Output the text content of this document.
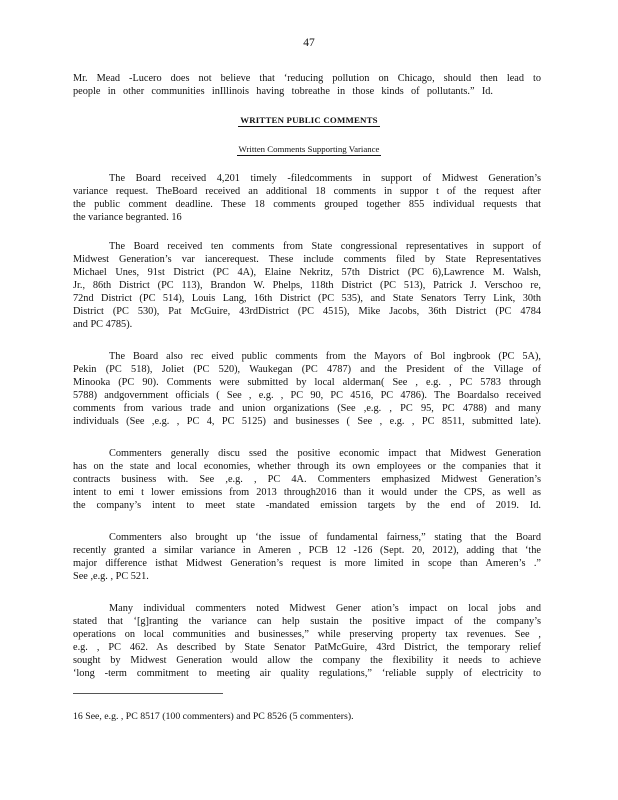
47
Mr. Mead -Lucero does not believe that ‘reducing pollution on Chicago, should then lead to
people in other communities inIllinois having tobreathe in those kinds of pollutants.” Id.
WRITTEN PUBLIC COMMENTS
Written Comments Supporting Variance
The Board received 4,201 timely -filedcomments in support of Midwest Generation’s
variance request. TheBoard received an additional 18 comments in suppor t of the request after
the public comment deadline. These 18 comments grouped together 855 individual requests that
the variance begranted. 16
The Board received ten comments from State congressional representatives in support of
Midwest Generation’s var iancerequest. These include comments filed by State Representatives
Michael Unes, 91st District (PC 4A), Elaine Nekritz, 57th District (PC 6),Lawrence M. Walsh,
Jr., 86th District (PC 113), Brandon W. Phelps, 118th District (PC 513), Patrick J. Verschoo re,
72nd District (PC 514), Louis Lang, 16th District (PC 535), and State Senators Terry Link, 30th
District (PC 530), Pat McGuire, 43rdDistrict (PC 4515), Mike Jacobs, 36th District (PC 4784
and PC 4785).
The Board also rec eived public comments from the Mayors of Bol ingbrook (PC 5A),
Pekin (PC 518), Joliet (PC 520), Waukegan (PC 4787) and the President of the Village of
Minooka (PC 90). Comments were submitted by local alderman( See , e.g. , PC 5783 through
5788) andgovernment officials ( See , e.g. , PC 90, PC 4516, PC 4786). The Boardalso received
comments from various trade and union organizations (See ,e.g. , PC 95, PC 4788) and many
individuals (See ,e.g. , PC 4, PC 5125) and businesses ( See , e.g. , PC 8511, submitted late).
Commenters generally discu ssed the positive economic impact that Midwest Generation
has on the state and local economies, whether through its own employees or the companies that it
contracts business with. See ,e.g. , PC 4A. Commenters emphasized Midwest Generation’s
intent to emi t lower emissions from 2013 through2016 than it would under the CPS, as well as
the company’s intent to meet state -mandated emission targets by the end of 2019. Id.
Commenters also brought up ‘the issue of fundamental fairness,” stating that the Board
recently granted a similar variance in Ameren , PCB 12 -126 (Sept. 20, 2012), adding that ‘the
major difference isthat Midwest Generation’s request is more limited in scope than Ameren’s .”
See ,e.g. , PC 521.
Many individual commenters noted Midwest Gener ation’s impact on local jobs and
stated that ‘[g]ranting the variance can help sustain the positive impact of the company’s
operations on local communities and businesses,” while preserving property tax revenues. See ,
e.g. , PC 462. As described by State Senator PatMcGuire, 43rd District, the temporary relief
sought by Midwest Generation would allow the company the flexibility it needs to achieve
‘long -term commitment to meeting air quality regulations,” ‘reliable supply of electricity to
16 See, e.g. , PC 8517 (100 commenters) and PC 8526 (5 commenters).
